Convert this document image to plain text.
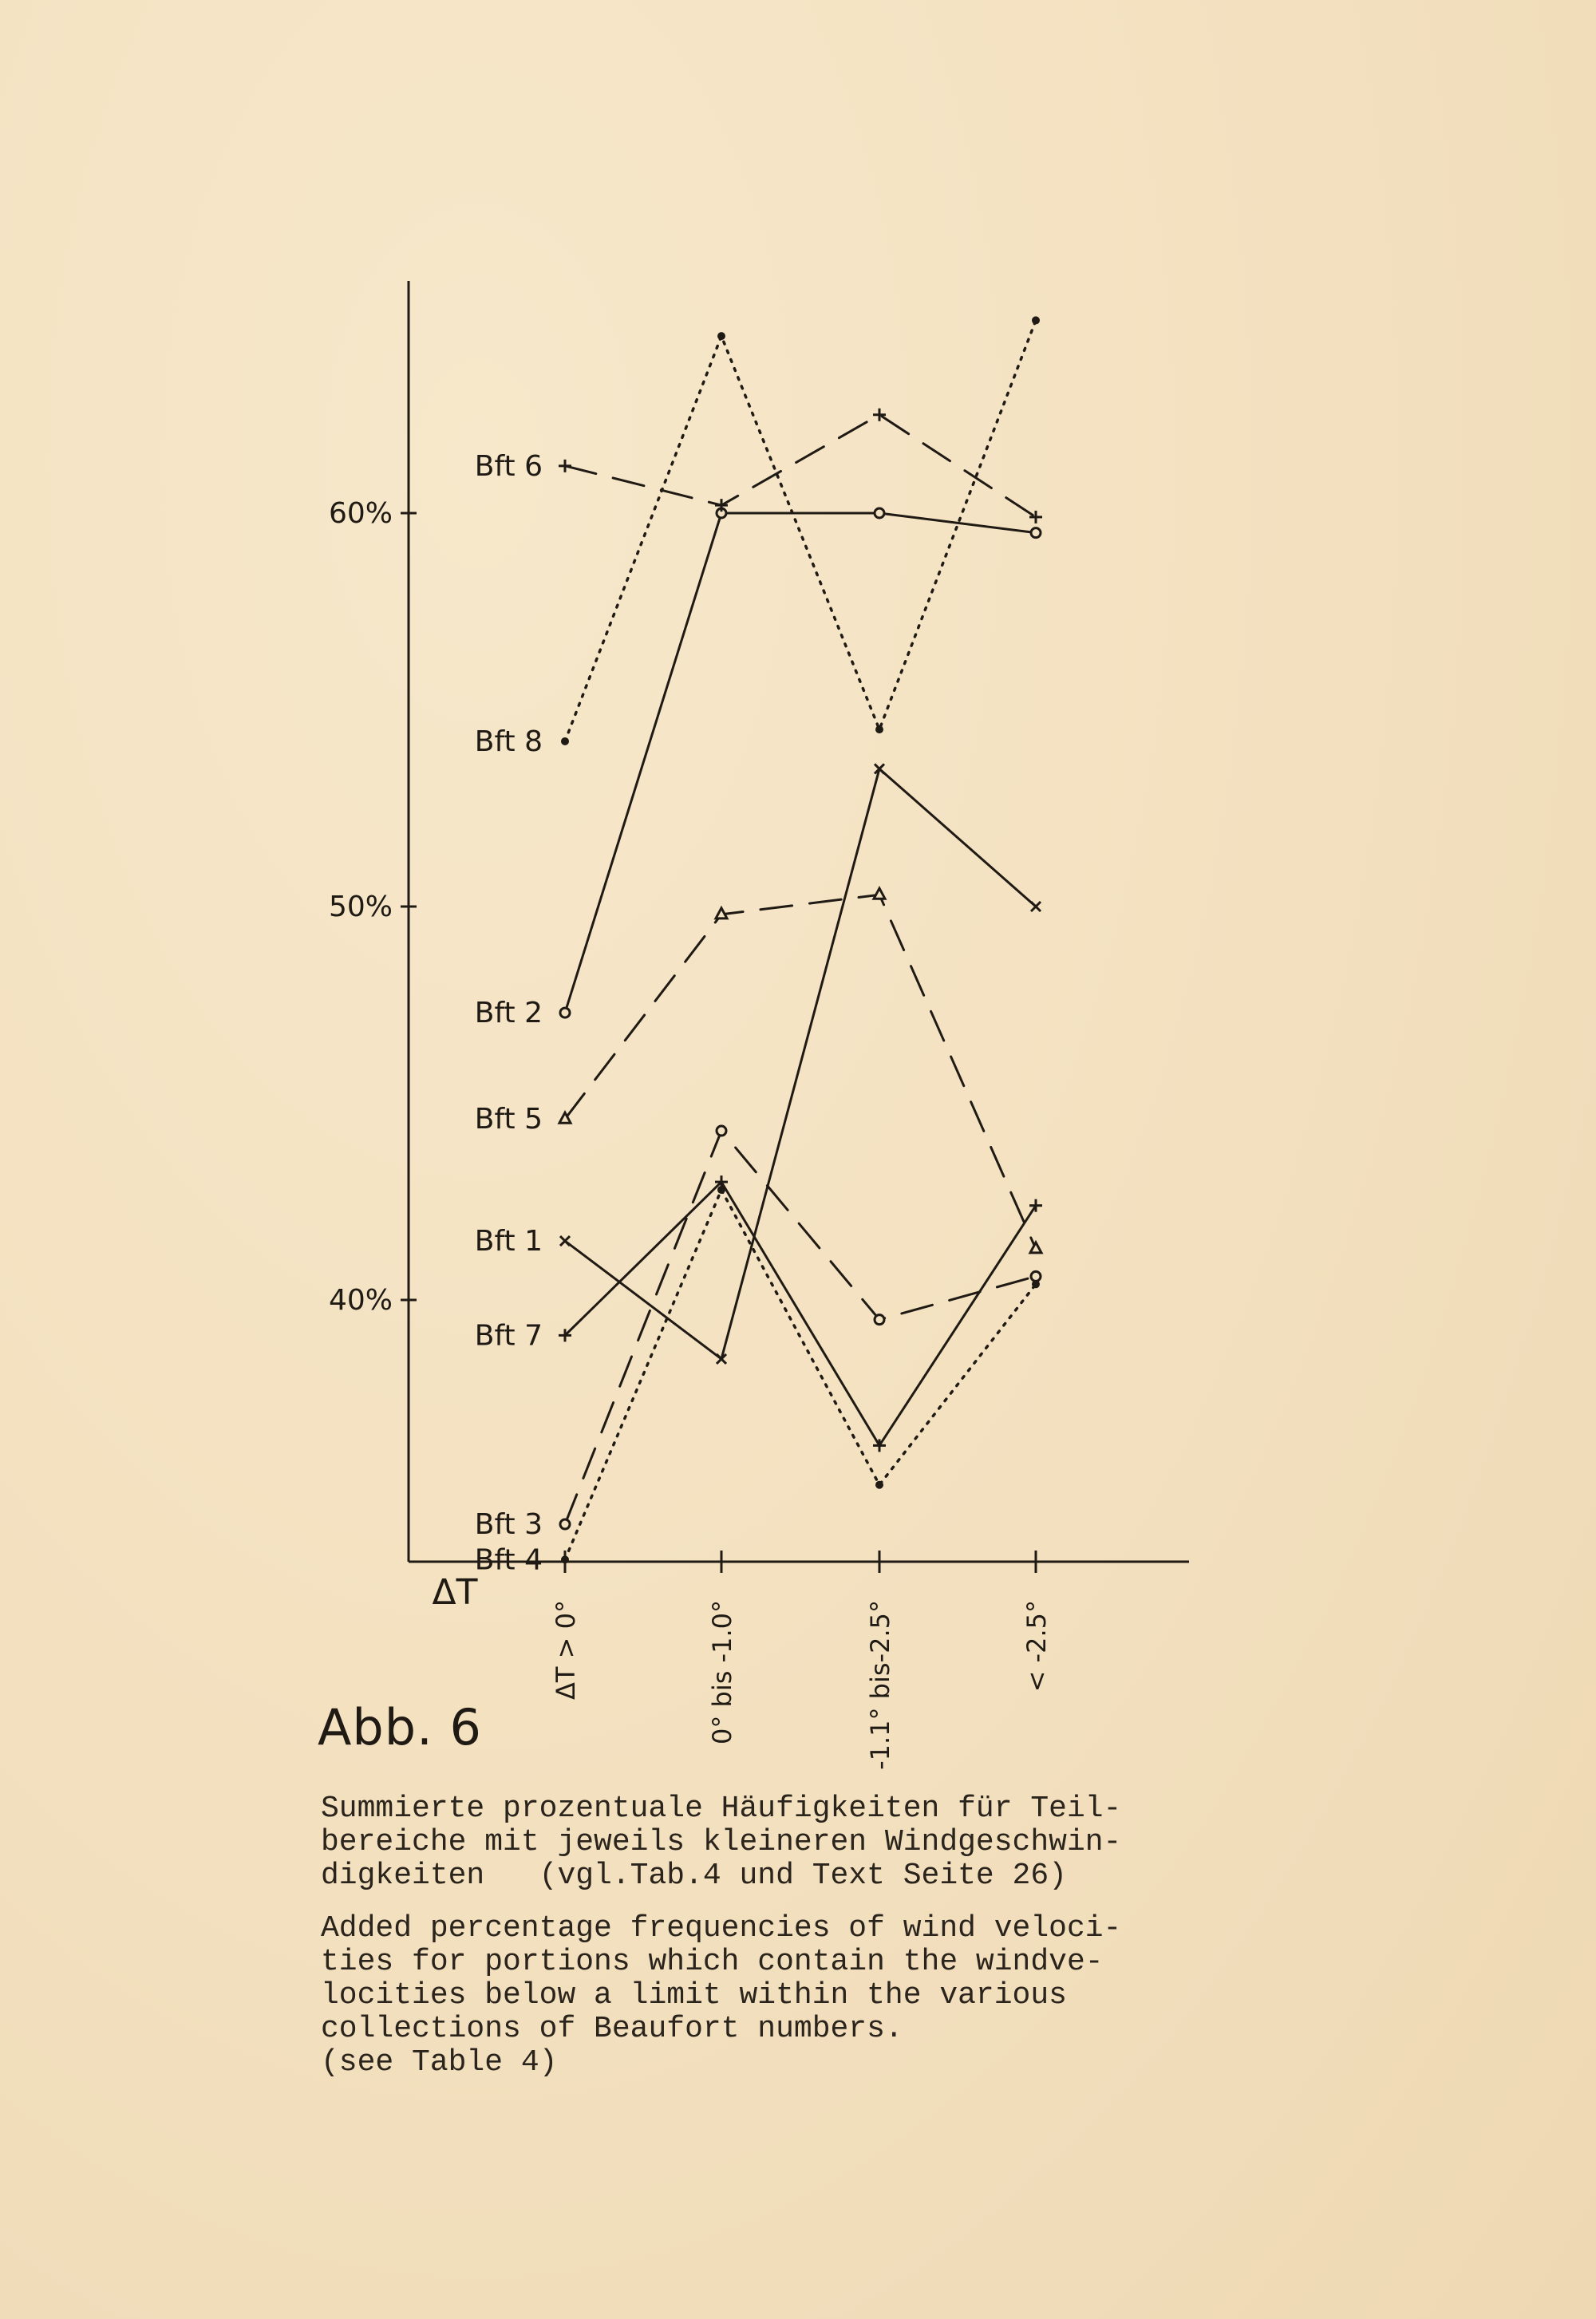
40%
50%
60%
ΔT > 0°	0° bis -1.0°	-1.1° bis-2.5°	< -2.5°
ΔT
Bft 1
Bft 2
Bft 3
Bft 4
Bft 5
Bft 6
Bft 7
Bft 8
Abb. 6
Summierte prozentuale Häufigkeiten für Teil-
bereiche mit jeweils kleineren Windgeschwin-
digkeiten   (vgl.Tab.4 und Text Seite 26)
Added percentage frequencies of wind veloci-
ties for portions which contain the windve-
locities below a limit within the various
collections of Beaufort numbers.
(see Table 4)
